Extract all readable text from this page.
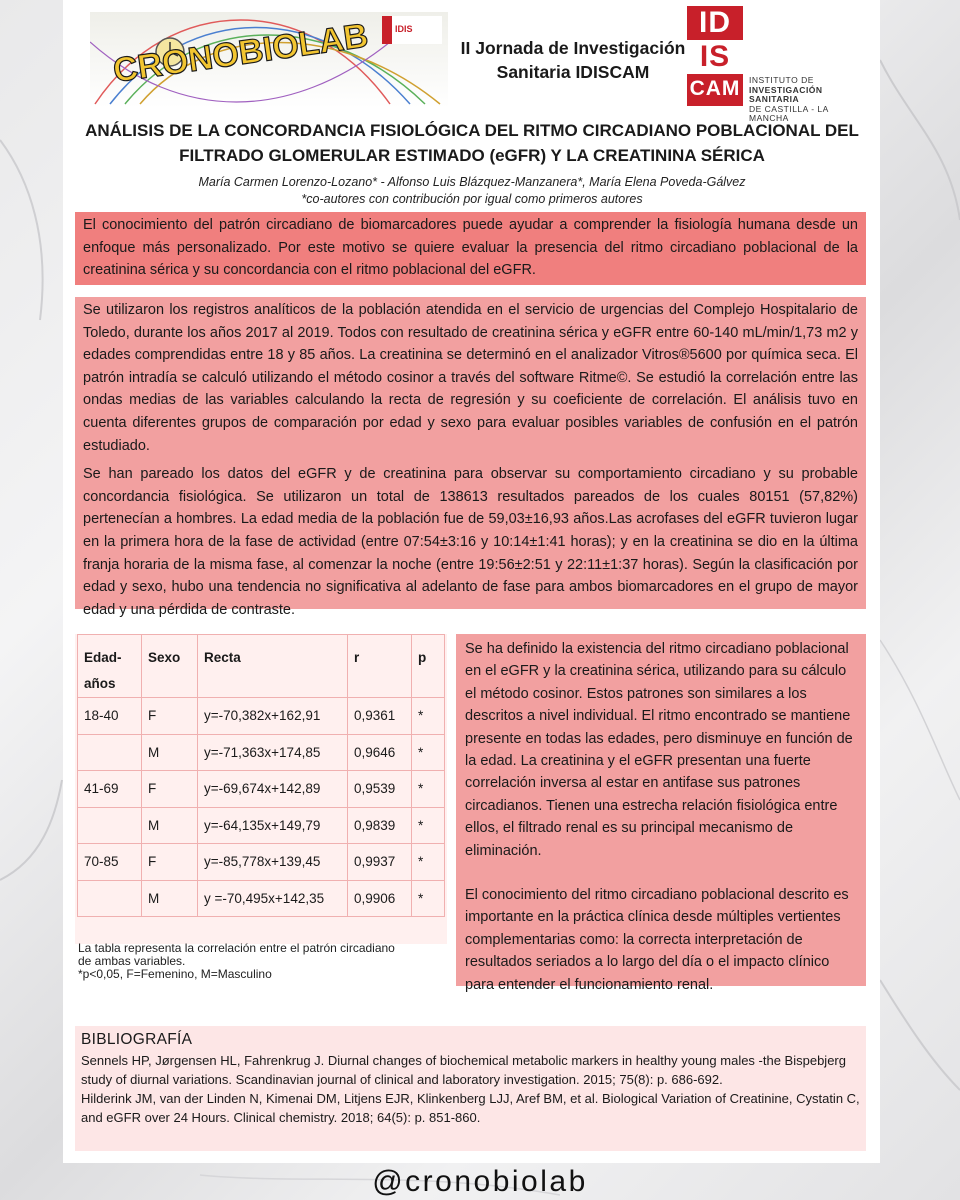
CRONOBIOLAB	IDIS
II Jornada de Investigación
Sanitaria IDISCAM
ID
IS
CAM	INSTITUTO DE
INVESTIGACIÓN
SANITARIA
DE CASTILLA - LA MANCHA
ANÁLISIS DE LA CONCORDANCIA FISIOLÓGICA DEL RITMO CIRCADIANO POBLACIONAL DEL
FILTRADO GLOMERULAR ESTIMADO (eGFR) Y LA CREATININA SÉRICA
María Carmen Lorenzo-Lozano* - Alfonso Luis Blázquez-Manzanera*, María Elena Poveda-Gálvez
*co-autores con contribución por igual como primeros autores

El conocimiento del patrón circadiano de biomarcadores puede ayudar a comprender la fisiología humana desde un enfoque más personalizado. Por este motivo se quiere evaluar la presencia del ritmo circadiano poblacional de la creatinina sérica y su concordancia con el ritmo poblacional del eGFR.

Se utilizaron los registros analíticos de la población atendida en el servicio de urgencias del Complejo Hospitalario de Toledo, durante los años 2017 al 2019. Todos con resultado de creatinina sérica y eGFR entre 60-140 mL/min/1,73 m2 y edades comprendidas entre 18 y 85 años. La creatinina se determinó en el analizador Vitros®5600 por química seca. El patrón intradía se calculó utilizando el método cosinor a través del software Ritme©. Se estudió la correlación entre las ondas medias de las variables calculando la recta de regresión y su coeficiente de correlación. El análisis tuvo en cuenta diferentes grupos de comparación por edad y sexo para evaluar posibles variables de confusión en el patrón estudiado.

Se han pareado los datos del eGFR y de creatinina para observar su comportamiento circadiano y su probable concordancia fisiológica. Se utilizaron un total de 138613 resultados pareados de los cuales 80151 (57,82%) pertenecían a hombres. La edad media de la población fue de 59,03±16,93 años.Las acrofases del eGFR tuvieron lugar en la primera hora de la fase de actividad (entre 07:54±3:16 y 10:14±1:41 horas); y en la creatinina se dio en la última franja horaria de la misma fase, al comenzar la noche (entre 19:56±2:51 y 22:11±1:37 horas). Según la clasificación por edad y sexo, hubo una tendencia no significativa al adelanto de fase para ambos biomarcadores en el grupo de mayor edad y una pérdida de contraste.

Edad-
años	Sexo	Recta	r	p
18-40	F	y=-70,382x+162,91	0,9361	*
	M	y=-71,363x+174,85	0,9646	*
41-69	F	y=-69,674x+142,89	0,9539	*
	M	y=-64,135x+149,79	0,9839	*
70-85	F	y=-85,778x+139,45	0,9937	*
	M	y =-70,495x+142,35	0,9906	*
La tabla representa la correlación entre el patrón circadiano
de ambas variables.
*p<0,05, F=Femenino, M=Masculino

Se ha definido la existencia del ritmo circadiano poblacional en el eGFR y la creatinina sérica, utilizando para su cálculo el método cosinor. Estos patrones son similares a los descritos a nivel individual. El ritmo encontrado se mantiene presente en todas las edades, pero disminuye en función de la edad. La creatinina y el eGFR presentan una fuerte correlación inversa al estar en antifase sus patrones circadianos. Tienen una estrecha relación fisiológica entre ellos, el filtrado renal es su principal mecanismo de eliminación.

El conocimiento del ritmo circadiano poblacional descrito es importante en la práctica clínica desde múltiples vertientes complementarias como: la correcta interpretación de resultados seriados a lo largo del día o el impacto clínico para entender el funcionamiento renal.

BIBLIOGRAFÍA

Sennels HP, Jørgensen HL, Fahrenkrug J. Diurnal changes of biochemical metabolic markers in healthy young males -the Bispebjerg study of diurnal variations. Scandinavian journal of clinical and laboratory investigation. 2015; 75(8): p. 686-692.

Hilderink JM, van der Linden N, Kimenai DM, Litjens EJR, Klinkenberg LJJ, Aref BM, et al. Biological Variation of Creatinine, Cystatin C, and eGFR over 24 Hours. Clinical chemistry. 2018; 64(5): p. 851-860.

@cronobiolab
